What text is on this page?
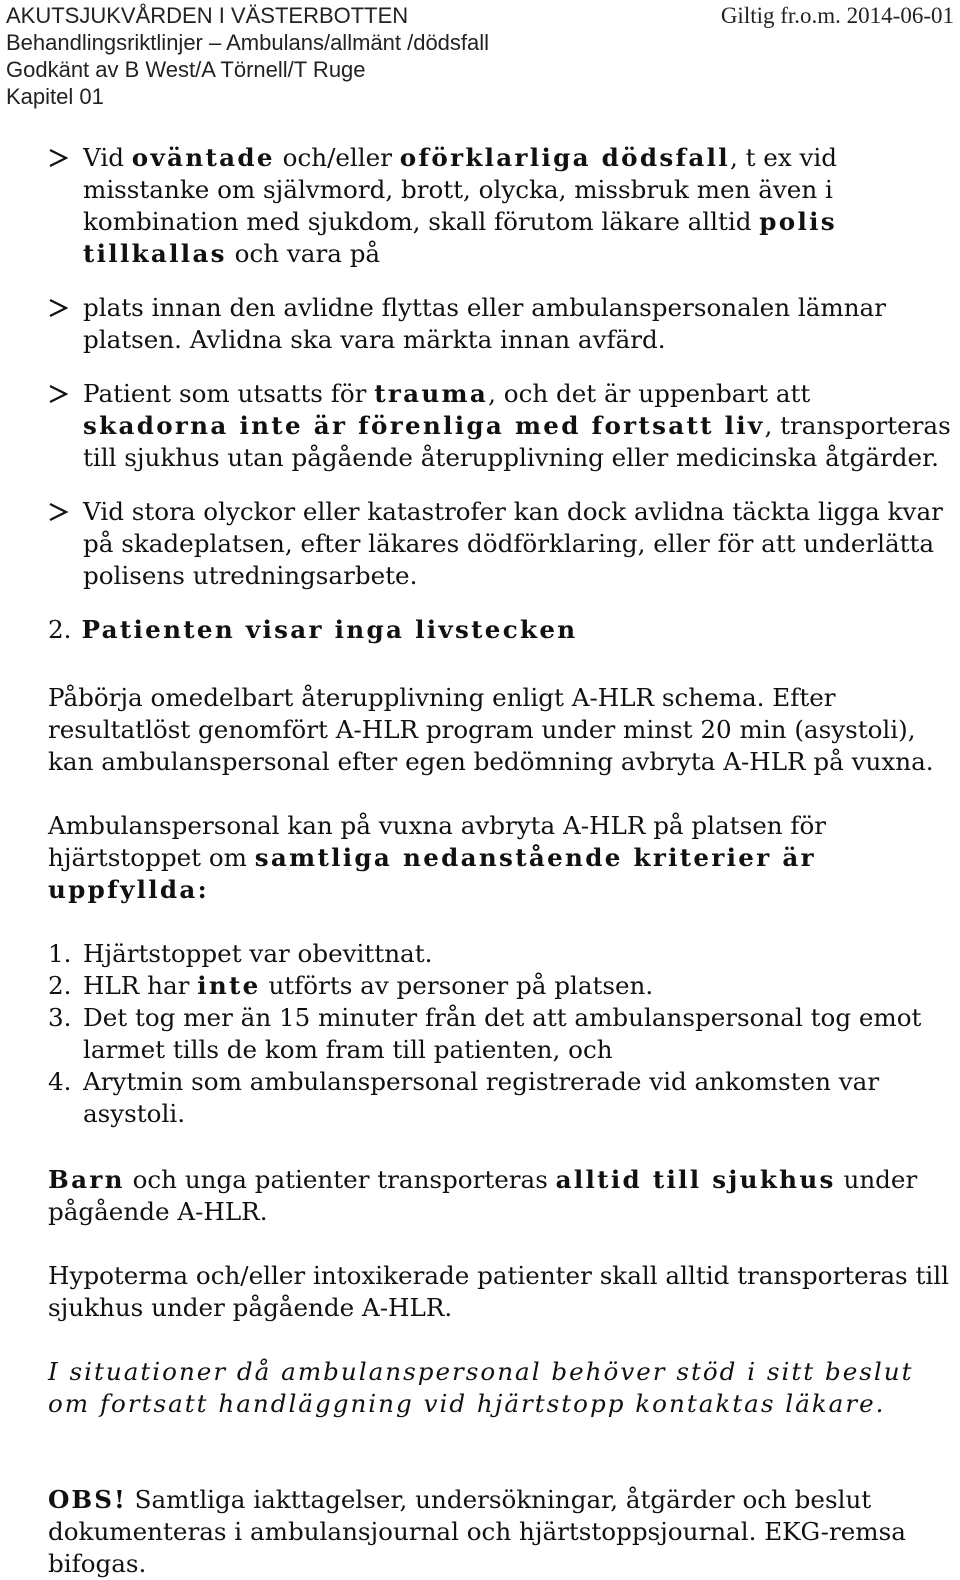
AKUTSJUKVÅRDEN I VÄSTERBOTTEN	Giltig fr.o.m. 2014-06-01
Behandlingsriktlinjer – Ambulans/allmänt /dödsfall
Godkänt av B West/A Törnell/T Ruge
Kapitel 01
Vid oväntade och/eller oförklarliga dödsfall, t ex vid misstanke om självmord, brott, olycka, missbruk men även i kombination med sjukdom, skall förutom läkare alltid polis tillkallas och vara på
plats innan den avlidne flyttas eller ambulanspersonalen lämnar platsen. Avlidna ska vara märkta innan avfärd.
Patient som utsatts för trauma, och det är uppenbart att skadorna inte är förenliga med fortsatt liv, transporteras till sjukhus utan pågående återupplivning eller medicinska åtgärder.
Vid stora olyckor eller katastrofer kan dock avlidna täckta ligga kvar på skadeplatsen, efter läkares dödförklaring, eller för att underlätta polisens utredningsarbete.
2. Patienten visar inga livstecken
Påbörja omedelbart återupplivning enligt A-HLR schema. Efter resultatlöst genomfört A-HLR program under minst 20 min (asystoli), kan ambulanspersonal efter egen bedömning avbryta A-HLR på vuxna.
Ambulanspersonal kan på vuxna avbryta A-HLR på platsen för hjärtstoppet om samtliga nedanstående kriterier är uppfyllda:
1. Hjärtstoppet var obevittnat.
2. HLR har inte utförts av personer på platsen.
3. Det tog mer än 15 minuter från det att ambulanspersonal tog emot larmet tills de kom fram till patienten, och
4. Arytmin som ambulanspersonal registrerade vid ankomsten var asystoli.
Barn och unga patienter transporteras alltid till sjukhus under pågående A-HLR.
Hypoterma och/eller intoxikerade patienter skall alltid transporteras till sjukhus under pågående A-HLR.
I situationer då ambulanspersonal behöver stöd i sitt beslut om fortsatt handläggning vid hjärtstopp kontaktas läkare.
OBS! Samtliga iakttagelser, undersökningar, åtgärder och beslut dokumenteras i ambulansjournal och hjärtstoppsjournal. EKG-remsa bifogas.
